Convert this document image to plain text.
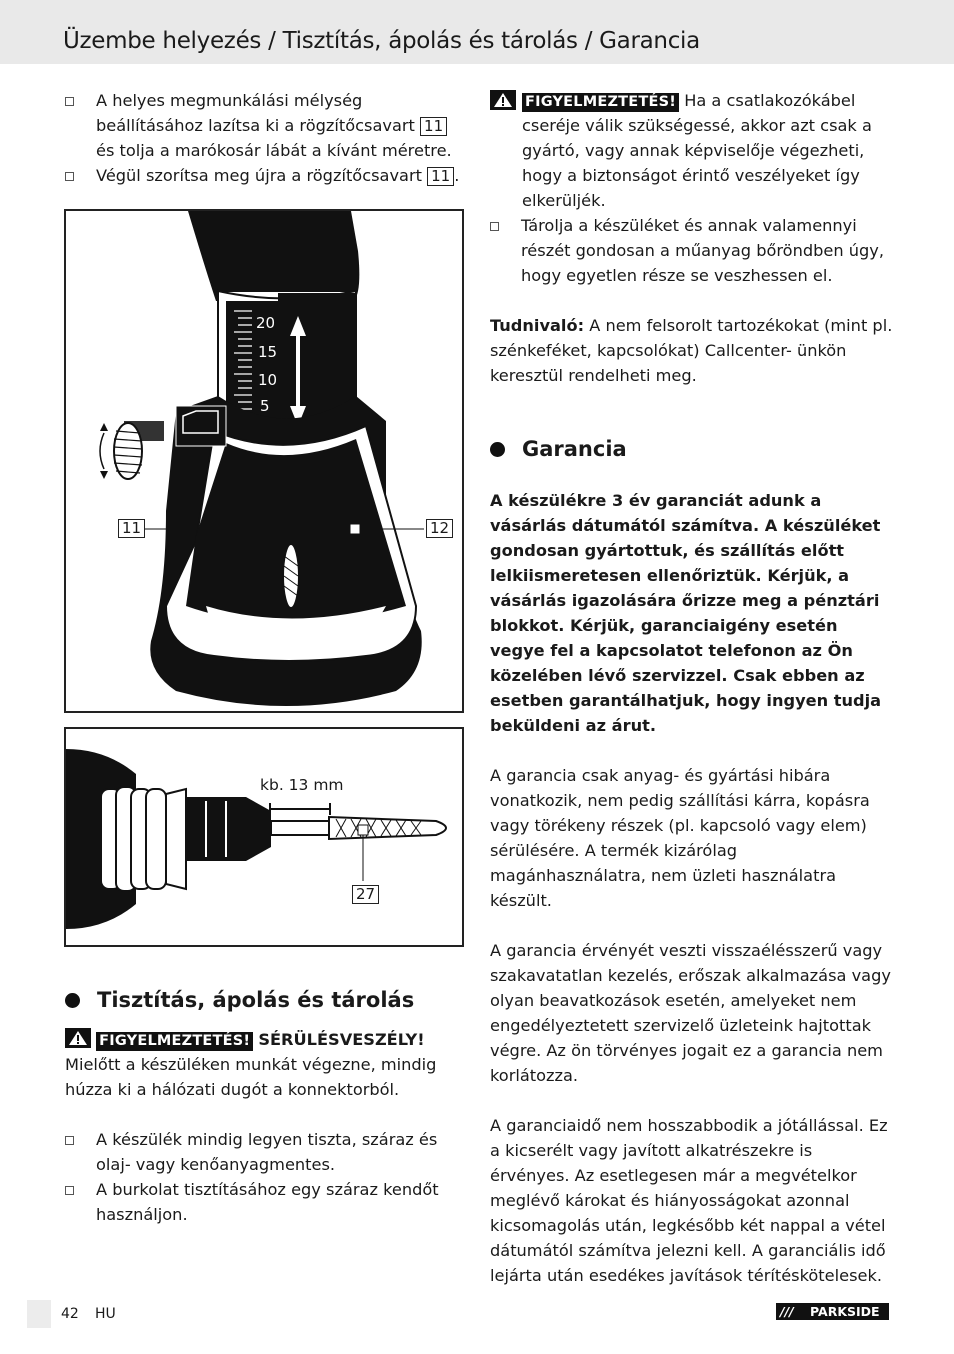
Üzembe helyezés / Tisztítás, ápolás és tárolás / Garancia
A helyes megmunkálási mélység beállításához lazítsa ki a rögzítőcsavart 11 és tolja a marókosár lábát a kívánt méretre.
Végül szorítsa meg újra a rögzítőcsavart 11 .
20
15
10
5
11	12
kb. 13 mm
27
Tisztítás, ápolás és tárolás
FIGYELMEZTETÉS! SÉRÜLÉSVESZÉLY!

Mielőtt a készüléken munkát végezne, mindig húzza ki a hálózati dugót a konnektorból.

A készülék mindig legyen tiszta, száraz és olaj- vagy kenőanyagmentes.
A burkolat tisztításához egy száraz kendőt használjon.
FIGYELMEZTETÉS! Ha a csatlakozókábel cseréje válik szükségessé, akkor azt csak a gyártó, vagy annak képviselője végezheti, hogy a biztonságot érintő veszélyeket így elkerüljék.
Tárolja a készüléket és annak valamennyi részét gondosan a műanyag bőröndben úgy, hogy egyetlen része se veszhessen el.

Tudnivaló: A nem felsorolt tartozékokat (mint pl. szénkeféket, kapcsolókat) Callcenter- ünkön keresztül rendelheti meg.

Garancia

A készülékre 3 év garanciát adunk a vásárlás dátumától számítva. A készüléket gondosan gyártottuk, és szállítás előtt lelkiismeretesen ellenőriztük. Kérjük, a vásárlás igazolására őrizze meg a pénztári blokkot. Kérjük, garanciaigény esetén vegye fel a kapcsolatot telefonon az Ön közelében lévő szervizzel. Csak ebben az esetben garantálhatjuk, hogy ingyen tudja beküldeni az árut.

A garancia csak anyag- és gyártási hibára vonatkozik, nem pedig szállítási kárra, kopásra vagy törékeny részek (pl. kapcsoló vagy elem) sérülésére. A termék kizárólag magánhasználatra, nem üzleti használatra készült.

A garancia érvényét veszti visszaélésszerű vagy szakavatatlan kezelés, erőszak alkalmazása vagy olyan beavatkozások esetén, amelyeket nem engedélyeztetett szervizelő üzleteink hajtottak végre. Az ön törvényes jogait ez a garancia nem korlátozza.

A garanciaidő nem hosszabbodik a jótállással. Ez a kicserélt vagy javított alkatrészekre is érvényes. Az esetlegesen már a megvételkor meglévő károkat és hiányosságokat azonnal kicsomagolás után, legkésőbb két nappal a vétel dátumától számítva jelezni kell. A garanciális idő lejárta után esedékes javítások térítéskötelesek.

42 HU	/// PARKSIDE
